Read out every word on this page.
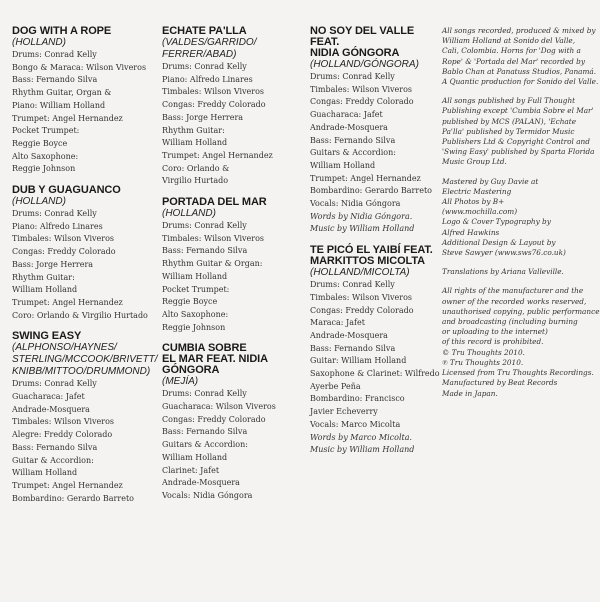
DOG WITH A ROPE
(HOLLAND)
Drums: Conrad Kelly
Bongo & Maraca: Wilson Viveros
Bass: Fernando Silva
Rhythm Guitar, Organ &
Piano: William Holland
Trumpet: Angel Hernandez
Pocket Trumpet:
Reggie Boyce
Alto Saxophone:
Reggie Johnson
DUB Y GUAGUANCO
(HOLLAND)
Drums: Conrad Kelly
Piano: Alfredo Linares
Timbales: Wilson Viveros
Congas: Freddy Colorado
Bass: Jorge Herrera
Rhythm Guitar:
William Holland
Trumpet: Angel Hernandez
Coro: Orlando & Virgilio Hurtado
SWING EASY
(ALPHONSO/HAYNES/
STERLING/MCCOOK/BRIVETT/
KNIBB/MITTOO/DRUMMOND)
Drums: Conrad Kelly
Guacharaca: Jafet
Andrade-Mosquera
Timbales: Wilson Viveros
Alegre: Freddy Colorado
Bass: Fernando Silva
Guitar & Accordion:
William Holland
Trumpet: Angel Hernandez
Bombardino: Gerardo Barreto
ECHATE PA'LLA
(VALDES/GARRIDO/
FERRER/ABAD)
Drums: Conrad Kelly
Piano: Alfredo Linares
Timbales: Wilson Viveros
Congas: Freddy Colorado
Bass: Jorge Herrera
Rhythm Guitar:
William Holland
Trumpet: Angel Hernandez
Coro: Orlando &
Virgilio Hurtado
PORTADA DEL MAR
(HOLLAND)
Drums: Conrad Kelly
Timbales: Wilson Viveros
Bass: Fernando Silva
Rhythm Guitar & Organ:
William Holland
Pocket Trumpet:
Reggie Boyce
Alto Saxophone:
Reggie Johnson
CUMBIA SOBRE
EL MAR FEAT. NIDIA
GÓNGORA
(MEJÍA)
Drums: Conrad Kelly
Guacharaca: Wilson Viveros
Congas: Freddy Colorado
Bass: Fernando Silva
Guitars & Accordion:
William Holland
Clarinet: Jafet
Andrade-Mosquera
Vocals: Nidia Góngora
NO SOY DEL VALLE FEAT.
NIDIA GÓNGORA
(HOLLAND/GÓNGORA)
Drums: Conrad Kelly
Timbales: Wilson Viveros
Congas: Freddy Colorado
Guacharaca: Jafet
Andrade-Mosquera
Bass: Fernando Silva
Guitars & Accordion:
William Holland
Trumpet: Angel Hernandez
Bombardino: Gerardo Barreto
Vocals: Nidia Góngora
Words by Nidia Góngora.
Music by William Holland
TE PICÓ EL YAIBÍ FEAT.
MARKITTOS MICOLTA
(HOLLAND/MICOLTA)
Drums: Conrad Kelly
Timbales: Wilson Viveros
Congas: Freddy Colorado
Maraca: Jafet
Andrade-Mosquera
Bass: Fernando Silva
Guitar: William Holland
Saxophone & Clarinet: Wilfredo
Ayerbe Peña
Bombardino: Francisco
Javier Echeverry
Vocals: Marco Micolta
Words by Marco Micolta.
Music by William Holland
All songs recorded, produced & mixed by
William Holland at Sonido del Valle,
Cali, Colombia. Horns for 'Dog with a
Rope' & 'Portada del Mar' recorded by
Bablo Chan at Panatuss Studios, Panamá.
A Quantic production for Sonido del Valle.
All songs published by Full Thought
Publishing except 'Cumbia Sobre el Mar'
published by MCS (PALAN), 'Echate
Pa'lla' published by Termidor Music
Publishers Ltd & Copyright Control and
'Swing Easy' published by Sparta Florida
Music Group Ltd.
Mastered by Guy Davie at
Electric Mastering
All Photos by B+
(www.mochilla.com)
Logo & Cover Typography by
Alfred Hawkins
Additional Design & Layout by
Steve Sawyer (www.sws76.co.uk)
Translations by Ariana Valleville.
All rights of the manufacturer and the
owner of the recorded works reserved,
unauthorised copying, public performance
and broadcasting (including burning
or uploading to the internet)
of this record is prohibited.
© Tru Thoughts 2010.
℗ Tru Thoughts 2010.
Licensed from Tru Thoughts Recordings.
Manufactured by Beat Records
Made in Japan.
